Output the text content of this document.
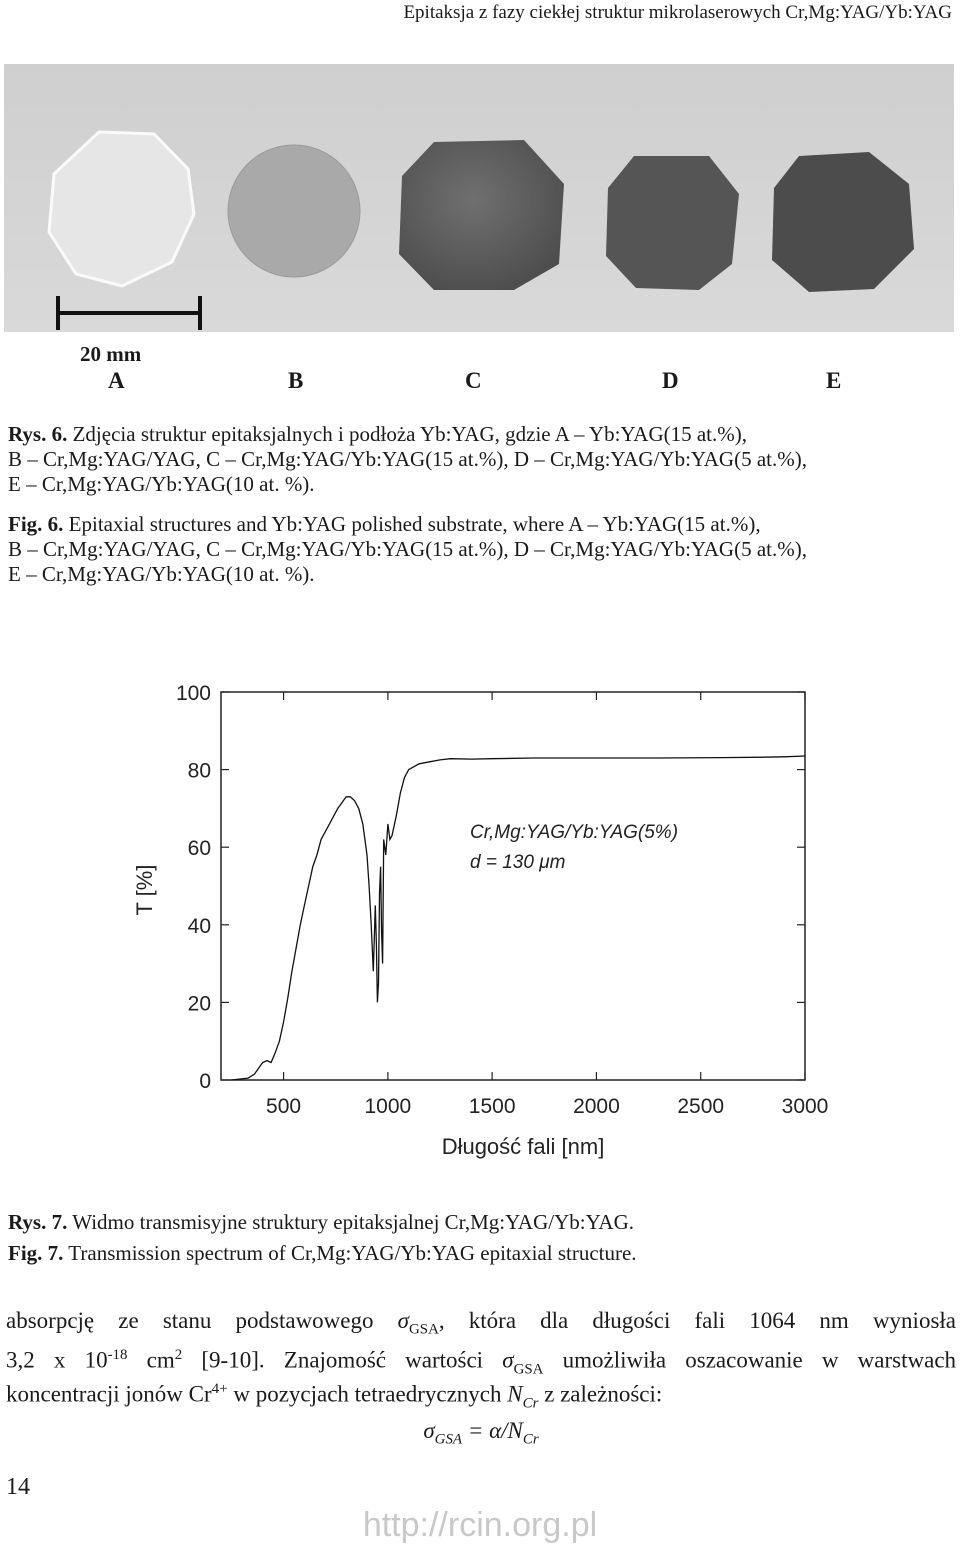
Epitaksja z fazy ciekłej struktur mikrolaserowych Cr,Mg:YAG/Yb:YAG
20 mm
A	B	C	D	E
Rys. 6. Zdjęcia struktur epitaksjalnych i podłoża Yb:YAG, gdzie A – Yb:YAG(15 at.%),
B – Cr,Mg:YAG/YAG, C – Cr,Mg:YAG/Yb:YAG(15 at.%), D – Cr,Mg:YAG/Yb:YAG(5 at.%),
E – Cr,Mg:YAG/Yb:YAG(10 at. %).
Fig. 6. Epitaxial structures and Yb:YAG polished substrate, where A – Yb:YAG(15 at.%),
B – Cr,Mg:YAG/YAG, C – Cr,Mg:YAG/Yb:YAG(15 at.%), D – Cr,Mg:YAG/Yb:YAG(5 at.%),
E – Cr,Mg:YAG/Yb:YAG(10 at. %).
500	1000	1500	2000	2500	3000
0
20
40
60
80
100
T [%]
Długość fali [nm]
Cr,Mg:YAG/Yb:YAG(5%)
d = 130 μm
Rys. 7. Widmo transmisyjne struktury epitaksjalnej Cr,Mg:YAG/Yb:YAG.
Fig. 7. Transmission spectrum of Cr,Mg:YAG/Yb:YAG epitaxial structure.
absorpcję ze stanu podstawowego $\sigma_{GSA}$, która dla długości fali 1064 nm wyniosła
3,2 x $10^{-18}$ $cm^2$ [9-10]. Znajomość wartości $\sigma_{GSA}$ umożliwiła oszacowanie w warstwach
koncentracji jonów $Cr^{4+}$ w pozycjach tetraedrycznych $N_{Cr}$ z zależności:
$\sigma_{GSA} = \alpha/N_{Cr}$
14
http://rcin.org.pl
